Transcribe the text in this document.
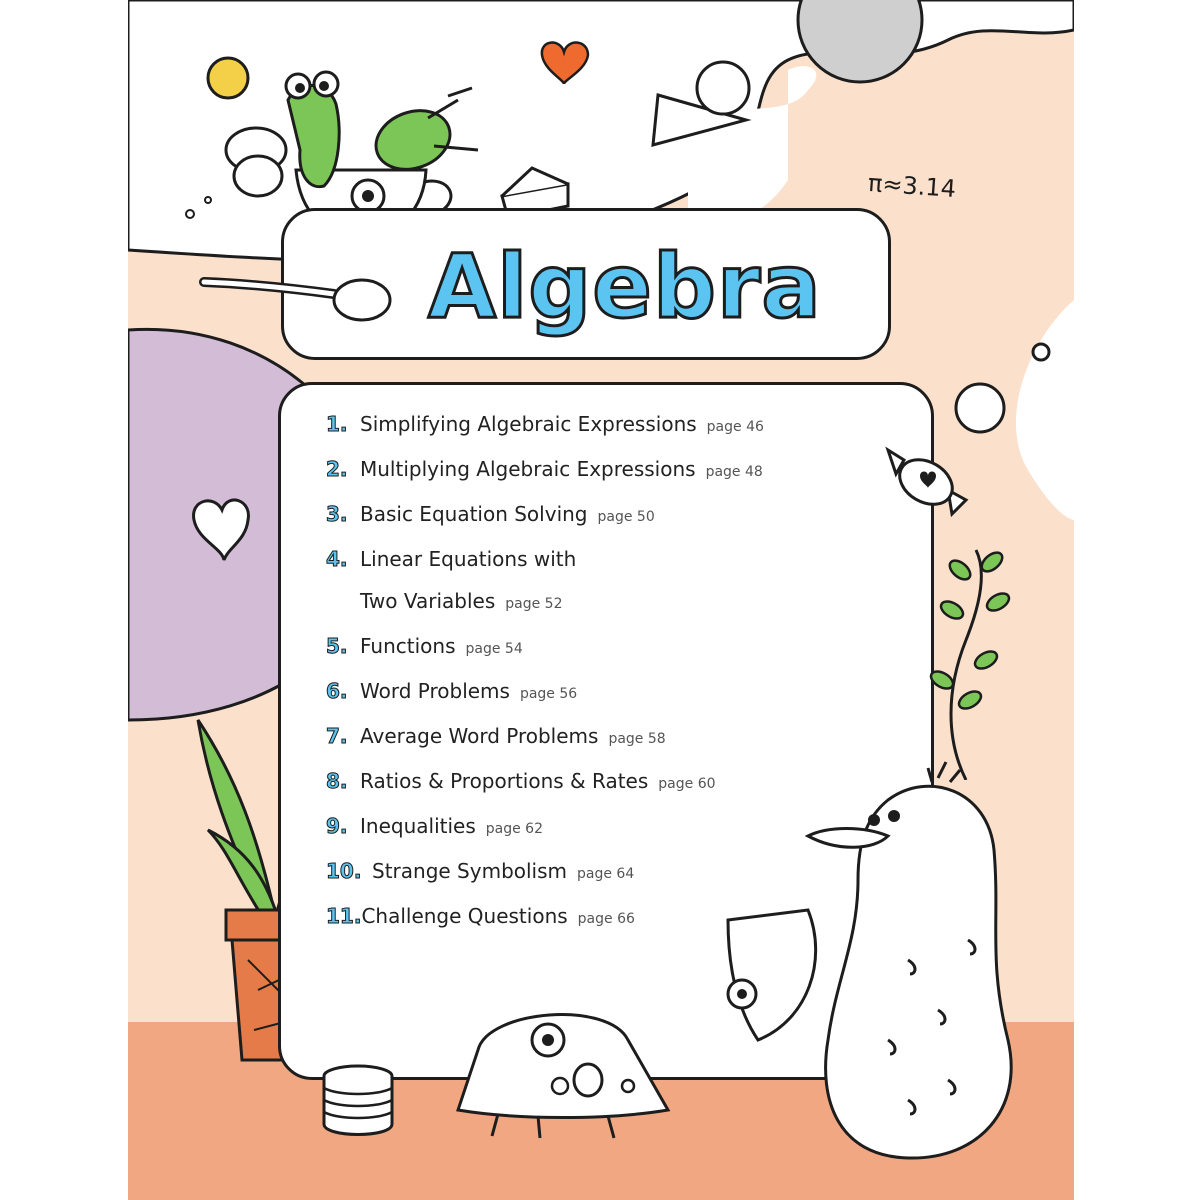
Algebra
π≈3.14
1. Simplifying Algebraic Expressions page 46
2. Multiplying Algebraic Expressions page 48
3. Basic Equation Solving page 50
4. Linear Equations with
Two Variables page 52
5. Functions page 54
6. Word Problems page 56
7. Average Word Problems page 58
8. Ratios & Proportions & Rates page 60
9. Inequalities page 62
10. Strange Symbolism page 64
11. Challenge Questions page 66
